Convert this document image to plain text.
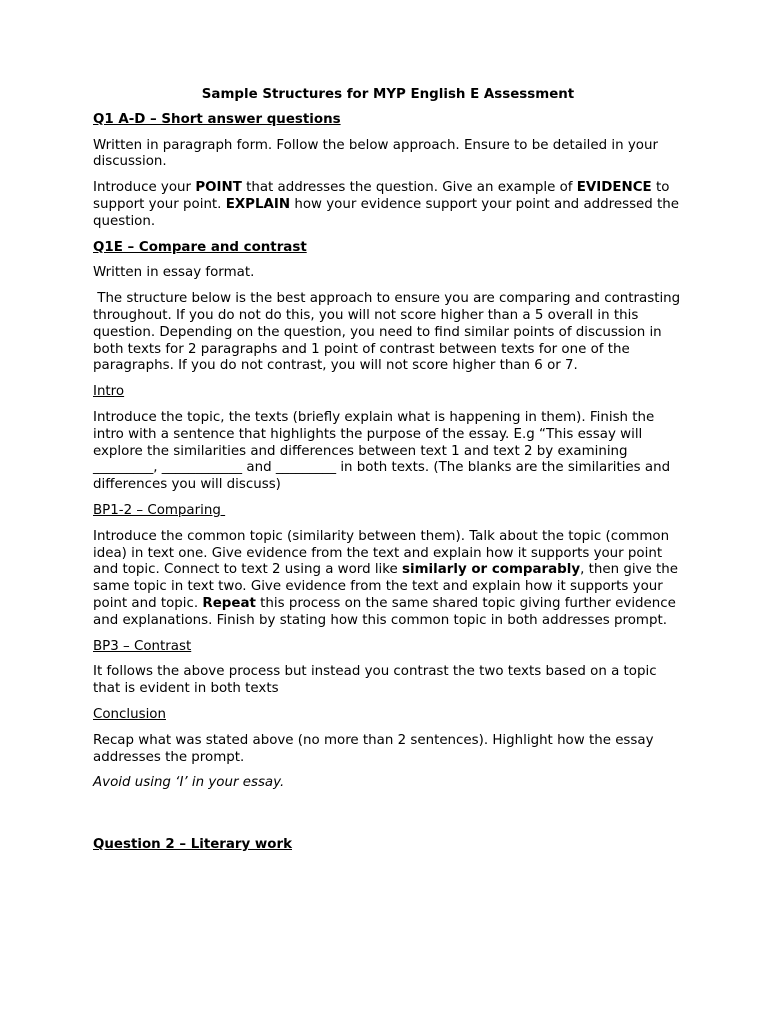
Sample Structures for MYP English E Assessment
Q1 A-D – Short answer questions

Written in paragraph form. Follow the below approach. Ensure to be detailed in your discussion.

Introduce your POINT that addresses the question. Give an example of EVIDENCE to support your point. EXPLAIN how your evidence support your point and addressed the question.

Q1E – Compare and contrast

Written in essay format.

The structure below is the best approach to ensure you are comparing and contrasting throughout. If you do not do this, you will not score higher than a 5 overall in this question. Depending on the question, you need to find similar points of discussion in both texts for 2 paragraphs and 1 point of contrast between texts for one of the paragraphs. If you do not contrast, you will not score higher than 6 or 7.

Intro

Introduce the topic, the texts (briefly explain what is happening in them). Finish the intro with a sentence that highlights the purpose of the essay. E.g “This essay will explore the similarities and differences between text 1 and text 2 by examining _________, ____________ and _________ in both texts. (The blanks are the similarities and differences you will discuss)

BP1-2 – Comparing

Introduce the common topic (similarity between them). Talk about the topic (common idea) in text one. Give evidence from the text and explain how it supports your point and topic. Connect to text 2 using a word like similarly or comparably, then give the same topic in text two. Give evidence from the text and explain how it supports your point and topic. Repeat this process on the same shared topic giving further evidence and explanations. Finish by stating how this common topic in both addresses prompt.

BP3 – Contrast

It follows the above process but instead you contrast the two texts based on a topic that is evident in both texts

Conclusion

Recap what was stated above (no more than 2 sentences). Highlight how the essay addresses the prompt.

Avoid using ‘I’ in your essay.

Question 2 – Literary work
